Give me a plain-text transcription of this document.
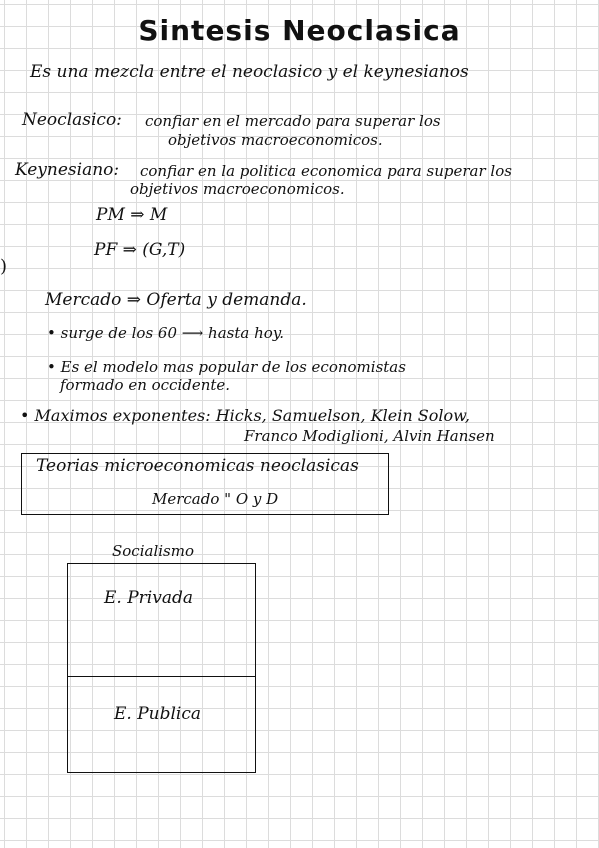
Sintesis Neoclasica
Es una mezcla entre el neoclasico y el keynesianos
Neoclasico: confiar en el mercado para superar los
objetivos macroeconomicos.
Keynesiano: confiar en la politica economica para superar los
objetivos macroeconomicos.
PM ⇒ M
PF ⇒ (G,T)
)
Mercado ⇒ Oferta y demanda.
• surge de los 60 ⟶ hasta hoy.
• Es el modelo mas popular de los economistas
formado en occidente.
• Maximos exponentes: Hicks, Samuelson, Klein Solow,
Franco Modiglioni, Alvin Hansen
Teorias microeconomicas neoclasicas
Mercado " O y D
Socialismo
E. Privada
E. Publica
